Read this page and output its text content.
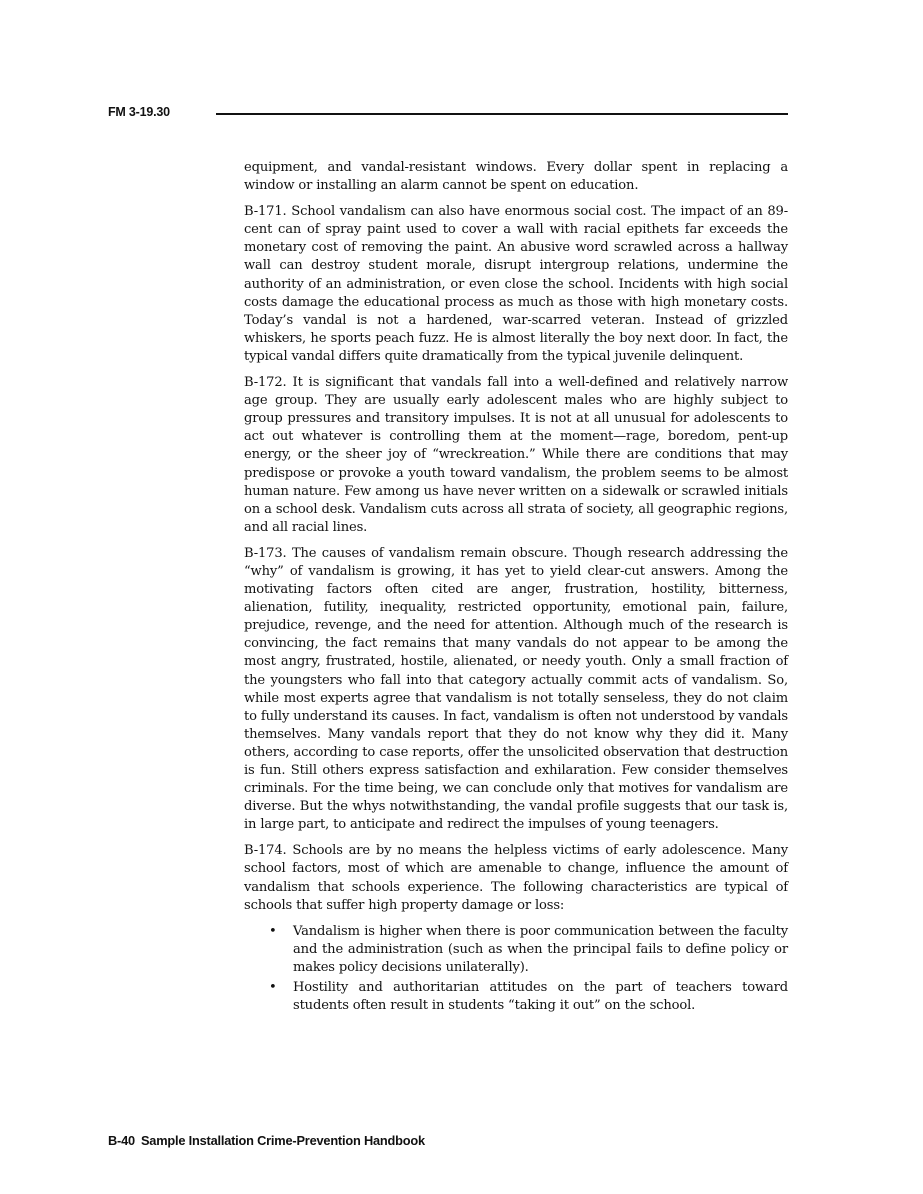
FM 3-19.30

equipment, and vandal-resistant windows. Every dollar spent in replacing a window or installing an alarm cannot be spent on education.

B-171. School vandalism can also have enormous social cost. The impact of an 89-cent can of spray paint used to cover a wall with racial epithets far exceeds the monetary cost of removing the paint. An abusive word scrawled across a hallway wall can destroy student morale, disrupt intergroup relations, undermine the authority of an administration, or even close the school. Incidents with high social costs damage the educational process as much as those with high monetary costs. Today’s vandal is not a hardened, war-scarred veteran. Instead of grizzled whiskers, he sports peach fuzz. He is almost literally the boy next door. In fact, the typical vandal differs quite dramatically from the typical juvenile delinquent.

B-172. It is significant that vandals fall into a well-defined and relatively narrow age group. They are usually early adolescent males who are highly subject to group pressures and transitory impulses. It is not at all unusual for adolescents to act out whatever is controlling them at the moment—rage, boredom, pent-up energy, or the sheer joy of “wreckreation.” While there are conditions that may predispose or provoke a youth toward vandalism, the problem seems to be almost human nature. Few among us have never written on a sidewalk or scrawled initials on a school desk. Vandalism cuts across all strata of society, all geographic regions, and all racial lines.

B-173. The causes of vandalism remain obscure. Though research addressing the “why” of vandalism is growing, it has yet to yield clear-cut answers. Among the motivating factors often cited are anger, frustration, hostility, bitterness, alienation, futility, inequality, restricted opportunity, emotional pain, failure, prejudice, revenge, and the need for attention. Although much of the research is convincing, the fact remains that many vandals do not appear to be among the most angry, frustrated, hostile, alienated, or needy youth. Only a small fraction of the youngsters who fall into that category actually commit acts of vandalism. So, while most experts agree that vandalism is not totally senseless, they do not claim to fully understand its causes. In fact, vandalism is often not understood by vandals themselves. Many vandals report that they do not know why they did it. Many others, according to case reports, offer the unsolicited observation that destruction is fun. Still others express satisfaction and exhilaration. Few consider themselves criminals. For the time being, we can conclude only that motives for vandalism are diverse. But the whys notwithstanding, the vandal profile suggests that our task is, in large part, to anticipate and redirect the impulses of young teenagers.

B-174. Schools are by no means the helpless victims of early adolescence. Many school factors, most of which are amenable to change, influence the amount of vandalism that schools experience. The following characteristics are typical of schools that suffer high property damage or loss:

• Vandalism is higher when there is poor communication between the faculty and the administration (such as when the principal fails to define policy or makes policy decisions unilaterally).
• Hostility and authoritarian attitudes on the part of teachers toward students often result in students “taking it out” on the school.
B-40 Sample Installation Crime-Prevention Handbook
